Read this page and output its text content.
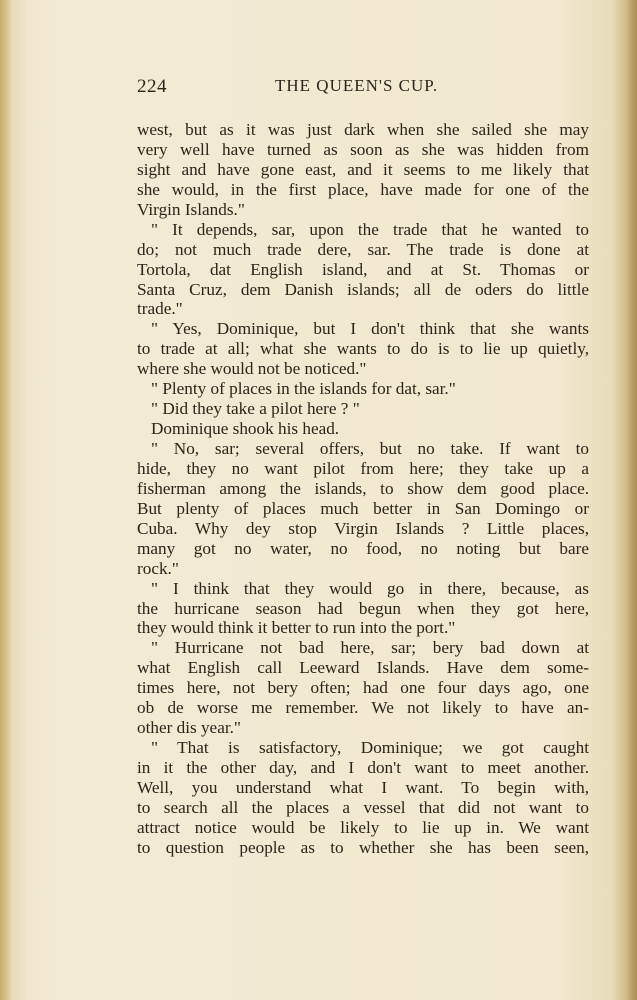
224	THE QUEEN'S CUP.
west, but as it was just dark when she sailed she may
very well have turned as soon as she was hidden from
sight and have gone east, and it seems to me likely that
she would, in the first place, have made for one of the
Virgin Islands."
" It depends, sar, upon the trade that he wanted to
do; not much trade dere, sar. The trade is done at
Tortola, dat English island, and at St. Thomas or
Santa Cruz, dem Danish islands; all de oders do little
trade."
" Yes, Dominique, but I don't think that she wants
to trade at all; what she wants to do is to lie up quietly,
where she would not be noticed."
" Plenty of places in the islands for dat, sar."
" Did they take a pilot here ? "
Dominique shook his head.
" No, sar; several offers, but no take. If want to
hide, they no want pilot from here; they take up a
fisherman among the islands, to show dem good place.
But plenty of places much better in San Domingo or
Cuba. Why dey stop Virgin Islands ? Little places,
many got no water, no food, no noting but bare
rock."
" I think that they would go in there, because, as
the hurricane season had begun when they got here,
they would think it better to run into the port."
" Hurricane not bad here, sar; bery bad down at
what English call Leeward Islands. Have dem some-
times here, not bery often; had one four days ago, one
ob de worse me remember. We not likely to have an-
other dis year."
" That is satisfactory, Dominique; we got caught
in it the other day, and I don't want to meet another.
Well, you understand what I want. To begin with,
to search all the places a vessel that did not want to
attract notice would be likely to lie up in. We want
to question people as to whether she has been seen,
